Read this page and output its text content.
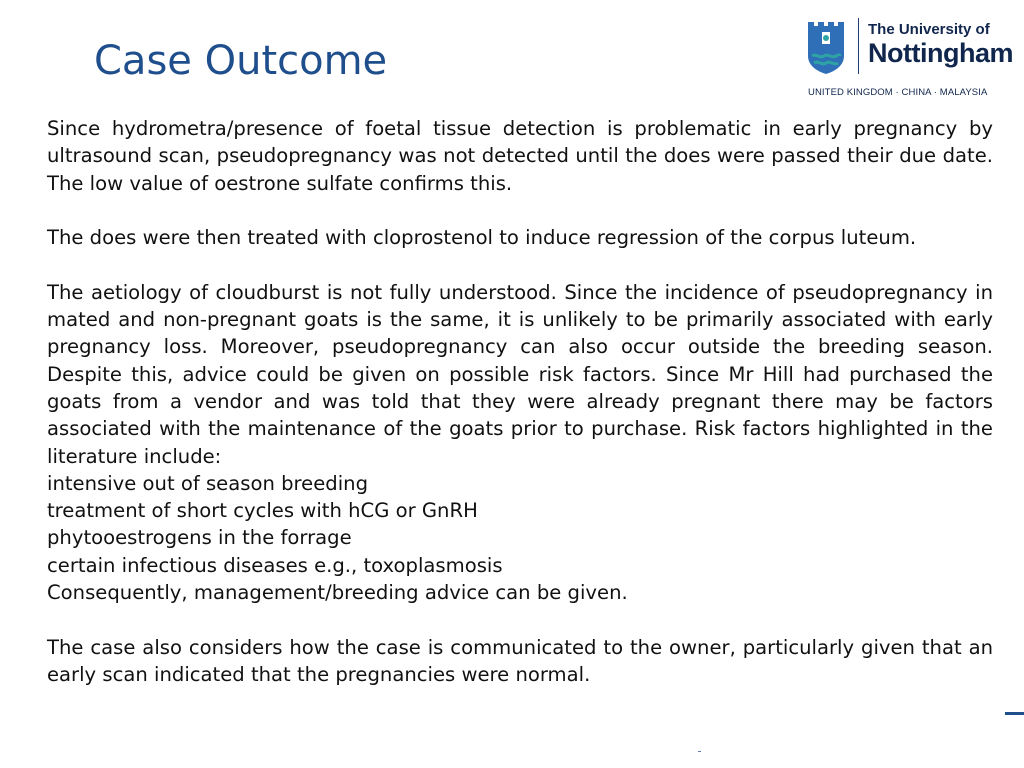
Case Outcome
The University of
Nottingham
UNITED KINGDOM · CHINA · MALAYSIA

Since hydrometra/presence of foetal tissue detection is problematic in early pregnancy by ultrasound scan, pseudopregnancy was not detected until the does were passed their due date. The low value of oestrone sulfate confirms this.

The does were then treated with cloprostenol to induce regression of the corpus luteum.

The aetiology of cloudburst is not fully understood. Since the incidence of pseudopregnancy in mated and non-pregnant goats is the same, it is unlikely to be primarily associated with early pregnancy loss. Moreover, pseudopregnancy can also occur outside the breeding season. Despite this, advice could be given on possible risk factors. Since Mr Hill had purchased the goats from a vendor and was told that they were already pregnant there may be factors associated with the maintenance of the goats prior to purchase. Risk factors highlighted in the literature include:
intensive out of season breeding
treatment of short cycles with hCG or GnRH
phytooestrogens in the forrage
certain infectious diseases e.g., toxoplasmosis
Consequently, management/breeding advice can be given.

The case also considers how the case is communicated to the owner, particularly given that an early scan indicated that the pregnancies were normal.
